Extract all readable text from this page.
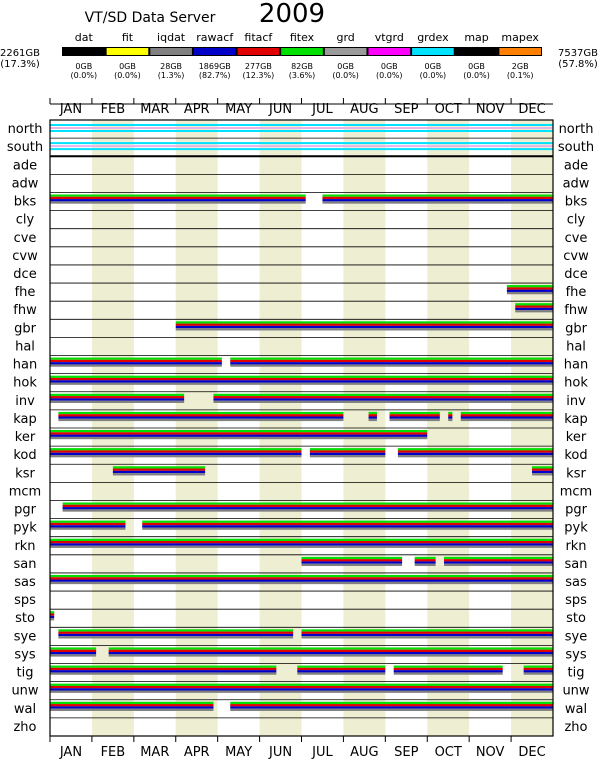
VT/SD Data Server 2009
2261GB
(17.3%)
7537GB
(57.8%)
dat
0GB
(0.0%)
fit
0GB
(0.0%)
iqdat
28GB
(1.3%)
rawacf
1869GB
(82.7%)
fitacf
277GB
(12.3%)
fitex
82GB
(3.6%)
grd
0GB
(0.0%)
vtgrd
0GB
(0.0%)
grdex
0GB
(0.0%)
map
0GB
(0.0%)
mapex
2GB
(0.1%)
north	north
south	south
ade	ade
adw	adw
bks	bks
cly	cly
cve	cve
cvw	cvw
dce	dce
fhe	fhe
fhw	fhw
gbr	gbr
hal	hal
han	han
hok	hok
inv	inv
kap	kap
ker	ker
kod	kod
ksr	ksr
mcm	mcm
pgr	pgr
pyk	pyk
rkn	rkn
san	san
sas	sas
sps	sps
sto	sto
sye	sye
sys	sys
tig	tig
unw	unw
wal	wal
zho	zho
JAN FEB MAR APR MAY JUN JUL AUG SEP OCT NOV DEC
JAN FEB MAR APR MAY JUN JUL AUG SEP OCT NOV DEC
